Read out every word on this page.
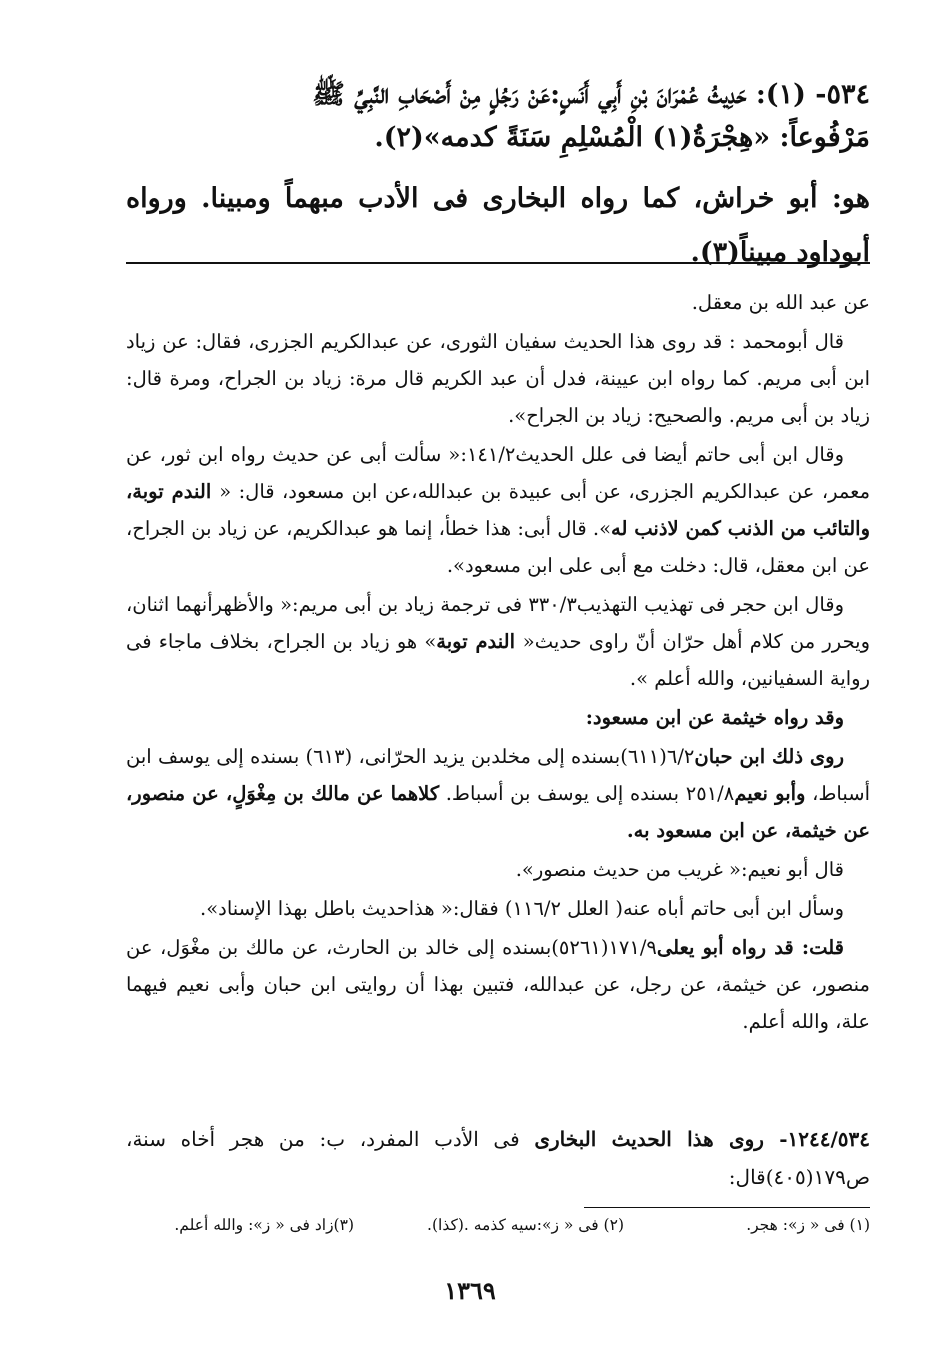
٥٣٤- (١): حَدِيثُ عُمْرَانَ بْنِ أَبِي أَنَسٍ:عَنْ رَجُلٍ مِنْ أَصْحَابِ النَّبِيِّ ﷺ
مَرْفُوعاً: «هِجْرَةُ(١) الْمُسْلِمِ سَنَةً كدمه»(٢).
هو: أبو خراش، كما رواه البخارى فى الأدب مبهماً ومبينا. ورواه أبوداود مبيناً(٣).

عن عبد الله بن معقل.

قال أبومحمد : قد روى هذا الحديث سفيان الثورى، عن عبدالكريم الجزرى، فقال: عن زياد ابن أبى مريم. كما رواه ابن عيينة، فدل أن عبد الكريم قال مرة: زياد بن الجراح، ومرة قال: زياد بن أبى مريم. والصحيح: زياد بن الجراح».

وقال ابن أبى حاتم أيضا فى علل الحديث١٤١/٢:« سألت أبى عن حديث رواه ابن ثور، عن معمر، عن عبدالكريم الجزرى، عن أبى عبيدة بن عبدالله،عن ابن مسعود، قال: « الندم توبة، والتائب من الذنب كمن لاذنب له». قال أبى: هذا خطأ، إنما هو عبدالكريم، عن زياد بن الجراح، عن ابن معقل، قال: دخلت مع أبى على ابن مسعود».

وقال ابن حجر فى تهذيب التهذيب٣٣٠/٣ فى ترجمة زياد بن أبى مريم:« والأظهرأنهما اثنان، ويحرر من كلام أهل حرّان أنّ راوى حديث« الندم توبة» هو زياد بن الجراح، بخلاف ماجاء فى رواية السفيانين، والله أعلم ».

وقد رواه خيثمة عن ابن مسعود:

روى ذلك ابن حبان٦/٢(٦١١)بسنده إلى مخلدبن يزيد الحرّانى، (٦١٣) بسنده إلى يوسف ابن أسباط، وأبو نعيم٢٥١/٨ بسنده إلى يوسف بن أسباط. كلاهما عن مالك بن مِغْوَلٍ، عن منصور، عن خيثمة، عن ابن مسعود به.

قال أبو نعيم:« غريب من حديث منصور».

وسأل ابن أبى حاتم أباه عنه( العلل ١١٦/٢) فقال:« هذاحديث باطل بهذا الإسناد».

قلت: قد رواه أبو يعلى١٧١/٩(٥٢٦١)بسنده إلى خالد بن الحارث، عن مالك بن مغْوَل، عن منصور، عن خيثمة، عن رجل، عن عبدالله، فتبين بهذا أن روايتى ابن حبان وأبى نعيم فيهما علة، والله أعلم.

١٢٤٤/٥٣٤- روى هذا الحديث البخارى فى الأدب المفرد، ب: من هجر أخاه سنة، ص١٧٩(٤٠٥)قال:
(١) فى « ز»: هجر.
(٢) فى « ز»:سيه كذمه .(كذا).
(٣)زاد فى « ز»: والله أعلم.
١٣٦٩
